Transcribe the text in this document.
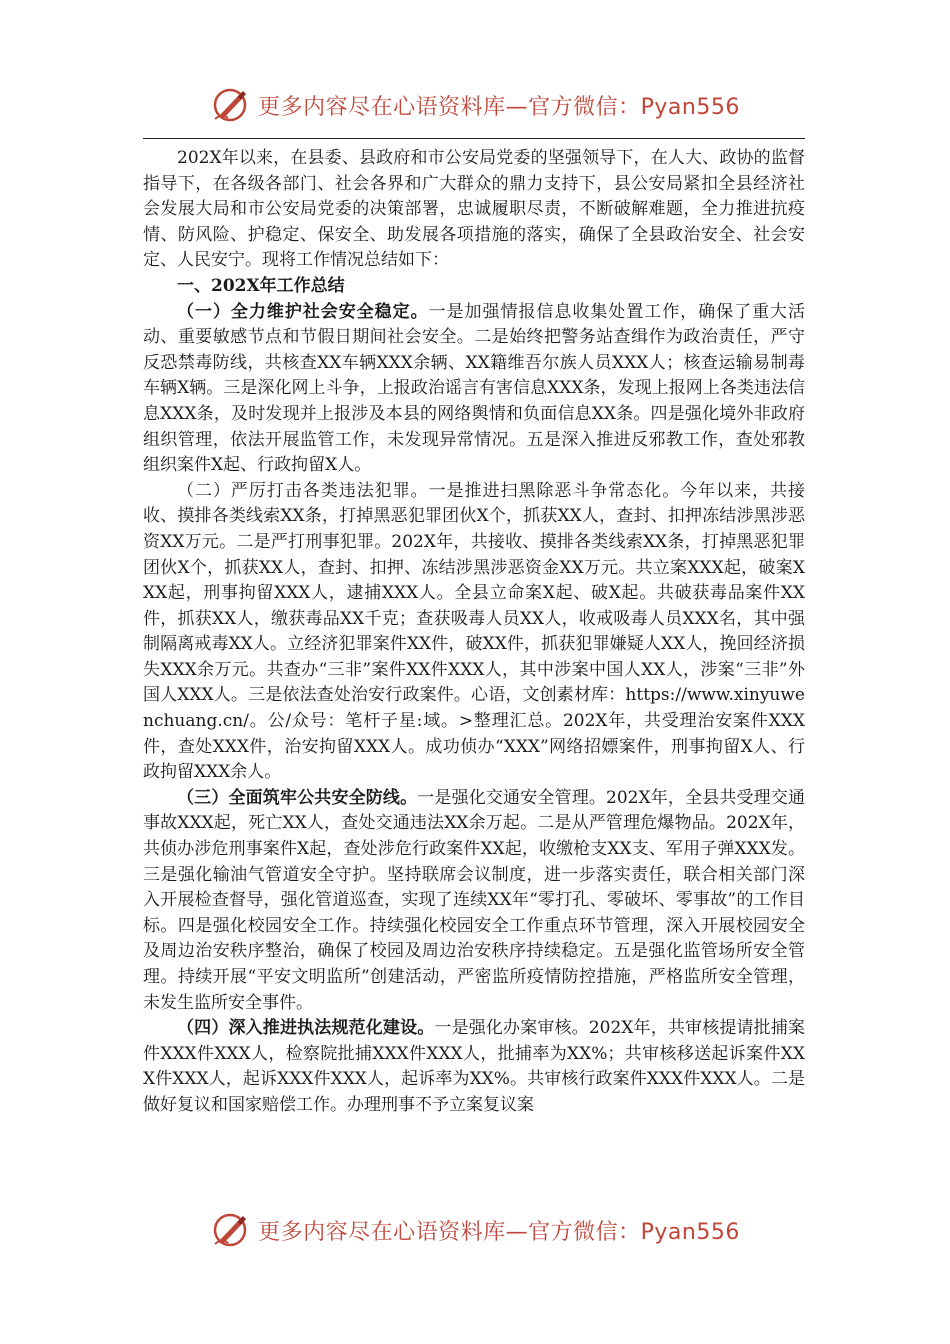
更多内容尽在心语资料库—官方微信：Pyan556

202X年以来，在县委、县政府和市公安局党委的坚强领导下，在人大、政协的监督指导下，在各级各部门、社会各界和广大群众的鼎力支持下，县公安局紧扣全县经济社会发展大局和市公安局党委的决策部署，忠诚履职尽责，不断破解难题，全力推进抗疫情、防风险、护稳定、保安全、助发展各项措施的落实，确保了全县政治安全、社会安定、人民安宁。现将工作情况总结如下：

一、202X年工作总结

（一）全力维护社会安全稳定。一是加强情报信息收集处置工作，确保了重大活动、重要敏感节点和节假日期间社会安全。二是始终把警务站查缉作为政治责任，严守反恐禁毒防线，共核查XX车辆XXX余辆、XX籍维吾尔族人员XXX人；核查运输易制毒车辆X辆。三是深化网上斗争，上报政治谣言有害信息XXX条，发现上报网上各类违法信息XXX条，及时发现并上报涉及本县的网络舆情和负面信息XX条。四是强化境外非政府组织管理，依法开展监管工作，未发现异常情况。五是深入推进反邪教工作，查处邪教组织案件X起、行政拘留X人。

（二）严厉打击各类违法犯罪。一是推进扫黑除恶斗争常态化。今年以来，共接收、摸排各类线索XX条，打掉黑恶犯罪团伙X个，抓获XX人，查封、扣押冻结涉黑涉恶资XX万元。二是严打刑事犯罪。202X年，共接收、摸排各类线索XX条，打掉黑恶犯罪团伙X个，抓获XX人，查封、扣押、冻结涉黑涉恶资金XX万元。共立案XXX起，破案XXX起，刑事拘留XXX人，逮捕XXX人。全县立命案X起、破X起。共破获毒品案件XX件，抓获XX人，缴获毒品XX千克；查获吸毒人员XX人，收戒吸毒人员XXX名，其中强制隔离戒毒XX人。立经济犯罪案件XX件，破XX件，抓获犯罪嫌疑人XX人，挽回经济损失XXX余万元。共查办“三非”案件XX件XXX人，其中涉案中国人XX人，涉案“三非”外国人XXX人。三是依法查处治安行政案件。心语，文创素材库：https://www.xinyuwenchuang.cn/。公/众号：笔杆子星:域。>整理汇总。202X年，共受理治安案件XXX件，查处XXX件，治安拘留XXX人。成功侦办“XXX”网络招嫖案件，刑事拘留X人、行政拘留XXX余人。

（三）全面筑牢公共安全防线。一是强化交通安全管理。202X年，全县共受理交通事故XXX起，死亡XX人，查处交通违法XX余万起。二是从严管理危爆物品。202X年，共侦办涉危刑事案件X起，查处涉危行政案件XX起，收缴枪支XX支、军用子弹XXX发。三是强化输油气管道安全守护。坚持联席会议制度，进一步落实责任，联合相关部门深入开展检查督导，强化管道巡查，实现了连续XX年“零打孔、零破坏、零事故”的工作目标。四是强化校园安全工作。持续强化校园安全工作重点环节管理，深入开展校园安全及周边治安秩序整治，确保了校园及周边治安秩序持续稳定。五是强化监管场所安全管理。持续开展“平安文明监所”创建活动，严密监所疫情防控措施，严格监所安全管理，未发生监所安全事件。

（四）深入推进执法规范化建设。一是强化办案审核。202X年，共审核提请批捕案件XXX件XXX人，检察院批捕XXX件XXX人，批捕率为XX%；共审核移送起诉案件XXX件XXX人，起诉XXX件XXX人，起诉率为XX%。共审核行政案件XXX件XXX人。二是做好复议和国家赔偿工作。办理刑事不予立案复议案

更多内容尽在心语资料库—官方微信：Pyan556
